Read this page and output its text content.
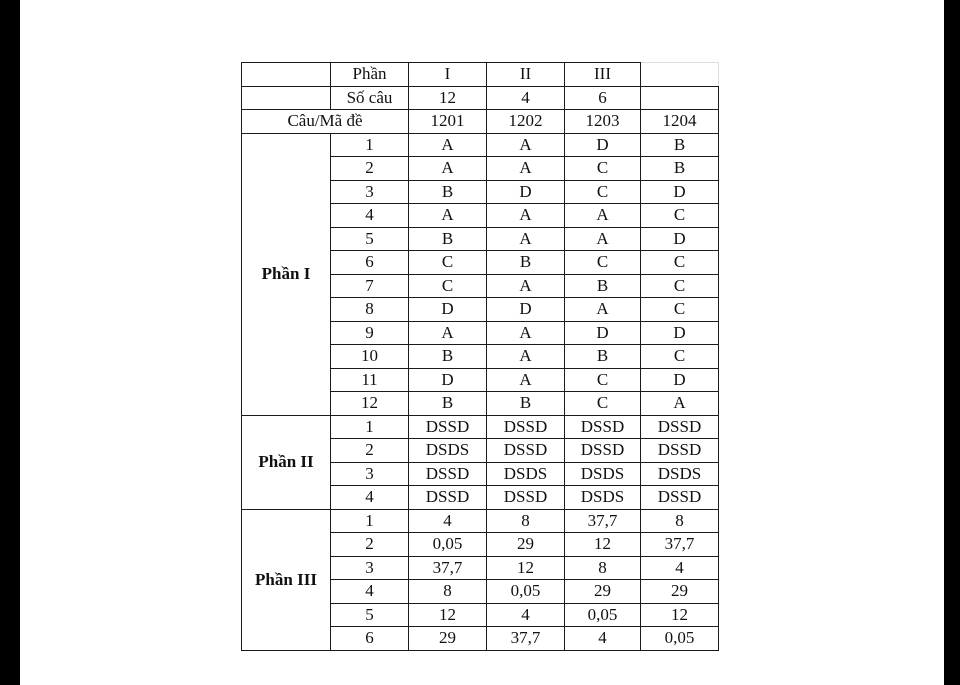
	Phần	I	II	III	
	Số câu	12	4	6	
Câu/Mã đề		1201	1202	1203	1204
Phần I	1	A	A	D	B
	2	A	A	C	B
	3	B	D	C	D
	4	A	A	A	C
	5	B	A	A	D
	6	C	B	C	C
	7	C	A	B	C
	8	D	D	A	C
	9	A	A	D	D
	10	B	A	B	C
	11	D	A	C	D
	12	B	B	C	A
Phần II	1	DSSD	DSSD	DSSD	DSSD
	2	DSDS	DSSD	DSSD	DSSD
	3	DSSD	DSDS	DSDS	DSDS
	4	DSSD	DSSD	DSDS	DSSD
Phần III	1	4	8	37,7	8
	2	0,05	29	12	37,7
	3	37,7	12	8	4
	4	8	0,05	29	29
	5	12	4	0,05	12
	6	29	37,7	4	0,05
